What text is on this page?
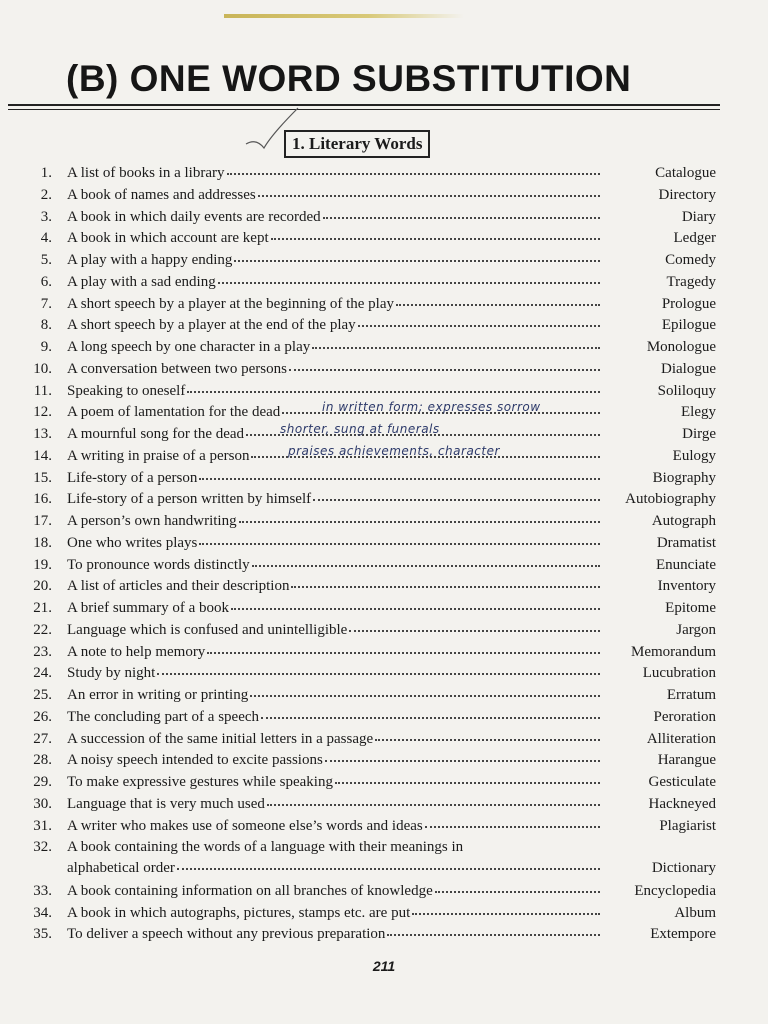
(B) ONE WORD SUBSTITUTION
1. Literary Words
1. A list of books in a library	Catalogue
2. A book of names and addresses	Directory
3. A book in which daily events are recorded	Diary
4. A book in which account are kept	Ledger
5. A play with a happy ending	Comedy
6. A play with a sad ending	Tragedy
7. A short speech by a player at the beginning of the play	Prologue
8. A short speech by a player at the end of the play	Epilogue
9. A long speech by one character in a play	Monologue
10. A conversation between two persons	Dialogue
11. Speaking to oneself	Soliloquy
12. A poem of lamentation for the dead	Elegy
13. A mournful song for the dead	Dirge
14. A writing in praise of a person	Eulogy
15. Life-story of a person	Biography
16. Life-story of a person written by himself	Autobiography
17. A person’s own handwriting	Autograph
18. One who writes plays	Dramatist
19. To pronounce words distinctly	Enunciate
20. A list of articles and their description	Inventory
21. A brief summary of a book	Epitome
22. Language which is confused and unintelligible	Jargon
23. A note to help memory	Memorandum
24. Study by night	Lucubration
25. An error in writing or printing	Erratum
26. The concluding part of a speech	Peroration
27. A succession of the same initial letters in a passage	Alliteration
28. A noisy speech intended to excite passions	Harangue
29. To make expressive gestures while speaking	Gesticulate
30. Language that is very much used	Hackneyed
31. A writer who makes use of someone else’s words and ideas	Plagiarist
32. A book containing the words of a language with their meanings in
alphabetical order	Dictionary
33. A book containing information on all branches of knowledge	Encyclopedia
34. A book in which autographs, pictures, stamps etc. are put	Album
35. To deliver a speech without any previous preparation	Extempore
in written form; expresses sorrow
shorter, sung at funerals
praises achievements, character
211
